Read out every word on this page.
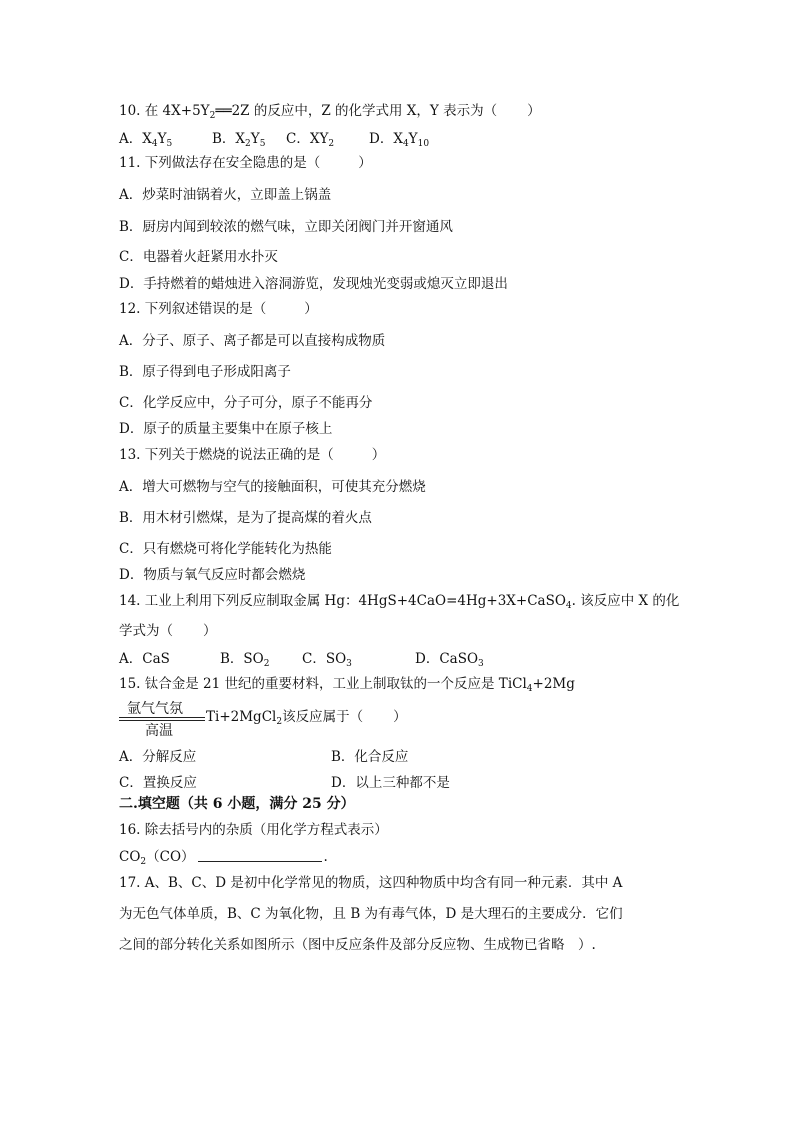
10. 在 $4X+5Y_2══2Z$ 的反应中，Z 的化学式用 X，Y 表示为（ ）
A．$X_4Y_5$	B．$X_2Y_5$ C．$XY_2$	D．$X_4Y_{10}$
11. 下列做法存在安全隐患的是（	）
A．炒菜时油锅着火，立即盖上锅盖
B．厨房内闻到较浓的燃气味，立即关闭阀门并开窗通风
C．电器着火赶紧用水扑灭
D．手持燃着的蜡烛进入溶洞游览，发现烛光变弱或熄灭立即退出
12. 下列叙述错误的是（	）
A．分子、原子、离子都是可以直接构成物质
B．原子得到电子形成阳离子
C．化学反应中，分子可分，原子不能再分
D．原子的质量主要集中在原子核上
13. 下列关于燃烧的说法正确的是（	）
A．增大可燃物与空气的接触面积，可使其充分燃烧
B．用木材引燃煤，是为了提高煤的着火点
C．只有燃烧可将化学能转化为热能
D．物质与氧气反应时都会燃烧
14. 工业上利用下列反应制取金属 Hg：4HgS+4CaO=4Hg+3X+CaSO$_4$. 该反应中 X 的化
学式为（ ）
A．CaS	B．$SO_2$ C．$SO_3$	D．CaSO$_3$
15. 钛合金是 21 世纪的重要材料，工业上制取钛的一个反应是 TiCl$_4$+2Mg
氩气气氛
高温
Ti+2MgCl$_2$该反应属于（ ）
A．分解反应	B．化合反应
C．置换反应	D．以上三种都不是
二.填空题（共 6 小题，满分 25 分）
16. 除去括号内的杂质（用化学方程式表示）
$CO_2(CO)$	.
17. A、B、C、D 是初中化学常见的物质，这四种物质中均含有同一种元素．其中 A
为无色气体单质，B、C 为氧化物，且 B 为有毒气体，D 是大理石的主要成分．它们
之间的部分转化关系如图所示（图中反应条件及部分反应物、生成物已省略　）.
